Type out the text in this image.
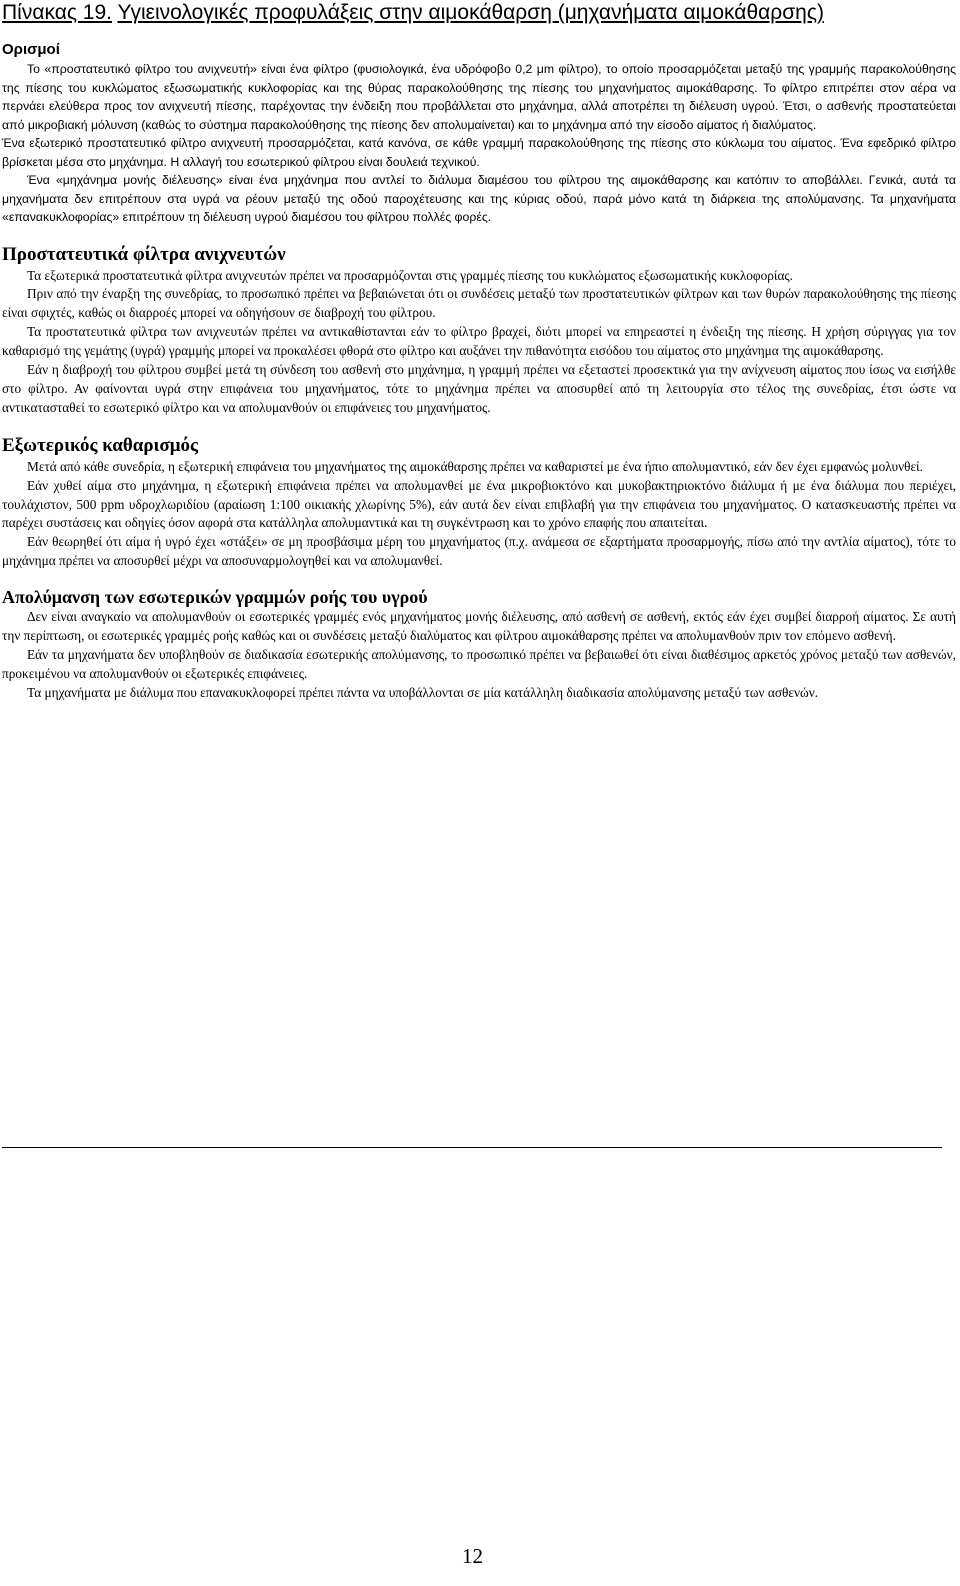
Πίνακας 19. Υγιεινολογικές προφυλάξεις στην αιμοκάθαρση (μηχανήματα αιμοκάθαρσης)
Ορισμοί

Το «προστατευτικό φίλτρο του ανιχνευτή» είναι ένα φίλτρο (φυσιολογικά, ένα υδρόφοβο 0,2 μm φίλτρο), το οποίο προσαρμόζεται μεταξύ της γραμμής παρακολούθησης της πίεσης του κυκλώματος εξωσωματικής κυκλοφορίας και της θύρας παρακολούθησης της πίεσης του μηχανήματος αιμοκάθαρσης. Το φίλτρο επιτρέπει στον αέρα να περνάει ελεύθερα προς τον ανιχνευτή πίεσης, παρέχοντας την ένδειξη που προβάλλεται στο μηχάνημα, αλλά αποτρέπει τη διέλευση υγρού. Έτσι, ο ασθενής προστατεύεται από μικροβιακή μόλυνση (καθώς το σύστημα παρακολούθησης της πίεσης δεν απολυμαίνεται) και το μηχάνημα από την είσοδο αίματος ή διαλύματος.

Ένα εξωτερικό προστατευτικό φίλτρο ανιχνευτή προσαρμόζεται, κατά κανόνα, σε κάθε γραμμή παρακολούθησης της πίεσης στο κύκλωμα του αίματος. Ένα εφεδρικό φίλτρο βρίσκεται μέσα στο μηχάνημα. Η αλλαγή του εσωτερικού φίλτρου είναι δουλειά τεχνικού.

Ένα «μηχάνημα μονής διέλευσης» είναι ένα μηχάνημα που αντλεί το διάλυμα διαμέσου του φίλτρου της αιμοκάθαρσης και κατόπιν το αποβάλλει. Γενικά, αυτά τα μηχανήματα δεν επιτρέπουν στα υγρά να ρέουν μεταξύ της οδού παροχέτευσης και της κύριας οδού, παρά μόνο κατά τη διάρκεια της απολύμανσης. Τα μηχανήματα «επανακυκλοφορίας» επιτρέπουν τη διέλευση υγρού διαμέσου του φίλτρου πολλές φορές.

Προστατευτικά φίλτρα ανιχνευτών

Τα εξωτερικά προστατευτικά φίλτρα ανιχνευτών πρέπει να προσαρμόζονται στις γραμμές πίεσης του κυκλώματος εξωσωματικής κυκλοφορίας.

Πριν από την έναρξη της συνεδρίας, το προσωπικό πρέπει να βεβαιώνεται ότι οι συνδέσεις μεταξύ των προστατευτικών φίλτρων και των θυρών παρακολούθησης της πίεσης είναι σφιχτές, καθώς οι διαρροές μπορεί να οδηγήσουν σε διαβροχή του φίλτρου.

Τα προστατευτικά φίλτρα των ανιχνευτών πρέπει να αντικαθίστανται εάν το φίλτρο βραχεί, διότι μπορεί να επηρεαστεί η ένδειξη της πίεσης. Η χρήση σύριγγας για τον καθαρισμό της γεμάτης (υγρά) γραμμής μπορεί να προκαλέσει φθορά στο φίλτρο και αυξάνει την πιθανότητα εισόδου του αίματος στο μηχάνημα της αιμοκάθαρσης.

Εάν η διαβροχή του φίλτρου συμβεί μετά τη σύνδεση του ασθενή στο μηχάνημα, η γραμμή πρέπει να εξεταστεί προσεκτικά για την ανίχνευση αίματος που ίσως να εισήλθε στο φίλτρο. Αν φαίνονται υγρά στην επιφάνεια του μηχανήματος, τότε το μηχάνημα πρέπει να αποσυρθεί από τη λειτουργία στο τέλος της συνεδρίας, έτσι ώστε να αντικατασταθεί το εσωτερικό φίλτρο και να απολυμανθούν οι επιφάνειες του μηχανήματος.

Εξωτερικός καθαρισμός

Μετά από κάθε συνεδρία, η εξωτερική επιφάνεια του μηχανήματος της αιμοκάθαρσης πρέπει να καθαριστεί με ένα ήπιο απολυμαντικό, εάν δεν έχει εμφανώς μολυνθεί.

Εάν χυθεί αίμα στο μηχάνημα, η εξωτερική επιφάνεια πρέπει να απολυμανθεί με ένα μικροβιοκτόνο και μυκοβακτηριοκτόνο διάλυμα ή με ένα διάλυμα που περιέχει, τουλάχιστον, 500 ppm υδροχλωριδίου (αραίωση 1:100 οικιακής χλωρίνης 5%), εάν αυτά δεν είναι επιβλαβή για την επιφάνεια του μηχανήματος. Ο κατασκευαστής πρέπει να παρέχει συστάσεις και οδηγίες όσον αφορά στα κατάλληλα απολυμαντικά και τη συγκέντρωση και το χρόνο επαφής που απαιτείται.

Εάν θεωρηθεί ότι αίμα ή υγρό έχει «στάξει» σε μη προσβάσιμα μέρη του μηχανήματος (π.χ. ανάμεσα σε εξαρτήματα προσαρμογής, πίσω από την αντλία αίματος), τότε το μηχάνημα πρέπει να αποσυρθεί μέχρι να αποσυναρμολογηθεί και να απολυμανθεί.

Απολύμανση των εσωτερικών γραμμών ροής του υγρού

Δεν είναι αναγκαίο να απολυμανθούν οι εσωτερικές γραμμές ενός μηχανήματος μονής διέλευσης, από ασθενή σε ασθενή, εκτός εάν έχει συμβεί διαρροή αίματος. Σε αυτή την περίπτωση, οι εσωτερικές γραμμές ροής καθώς και οι συνδέσεις μεταξύ διαλύματος και φίλτρου αιμοκάθαρσης πρέπει να απολυμανθούν πριν τον επόμενο ασθενή.

Εάν τα μηχανήματα δεν υποβληθούν σε διαδικασία εσωτερικής απολύμανσης, το προσωπικό πρέπει να βεβαιωθεί ότι είναι διαθέσιμος αρκετός χρόνος μεταξύ των ασθενών, προκειμένου να απολυμανθούν οι εξωτερικές επιφάνειες.

Τα μηχανήματα με διάλυμα που επανακυκλοφορεί πρέπει πάντα να υποβάλλονται σε μία κατάλληλη διαδικασία απολύμανσης μεταξύ των ασθενών.

12
